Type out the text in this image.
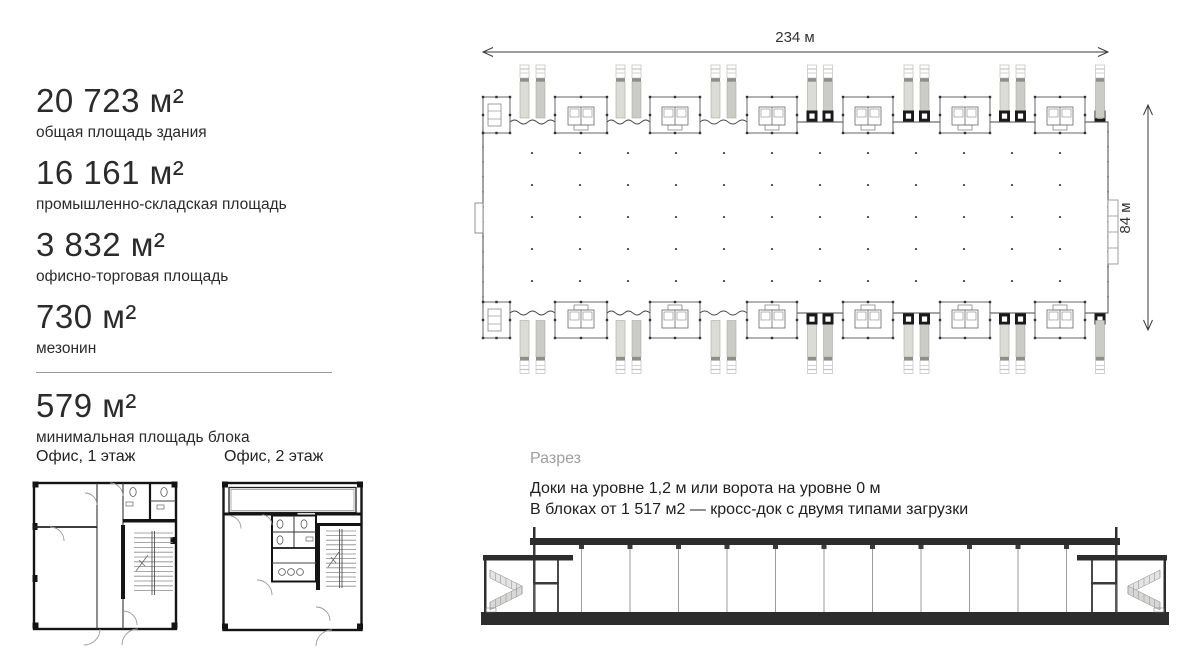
20 723 м²
общая площадь здания
16 161 м²
промышленно-складская площадь
3 832 м²
офисно-торговая площадь
730 м²
мезонин
579 м²
минимальная площадь блока
Офис, 1 этаж	Офис, 2 этаж
234 м
84 м
Разрез
Доки на уровне 1,2 м или ворота на уровне 0 м
В блоках от 1 517 м2 — кросс-док с двумя типами загрузки
